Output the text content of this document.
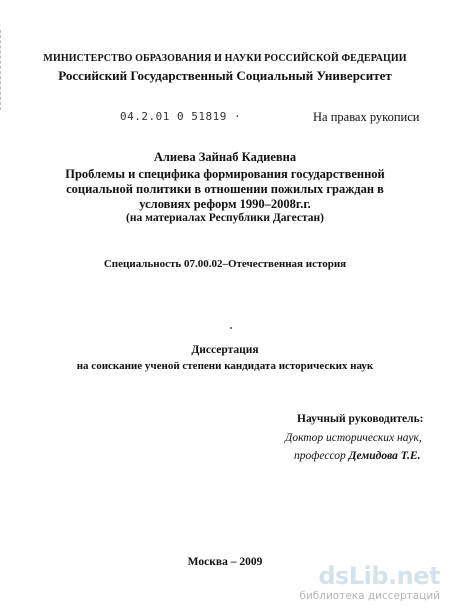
МИНИСТЕРСТВО ОБРАЗОВАНИЯ И НАУКИ РОССИЙСКОЙ ФЕДЕРАЦИИ
Российский Государственный Социальный Университет
04.2.01 0 51819 ·	На правах рукописи
Алиева Зайнаб Кадиевна
Проблемы и специфика формирования государственной
социальной политики в отношении пожилых граждан в
условиях реформ 1990–2008г.г.
(на материалах Республики Дагестан)
Специальность 07.00.02–Отечественная история
Диссертация
на соискание ученой степени кандидата исторических наук
Научный руководитель:
Доктор исторических наук,
профессор Демидова Т.Е.
Москва – 2009	dsLib.net
библиотека диссертаций
